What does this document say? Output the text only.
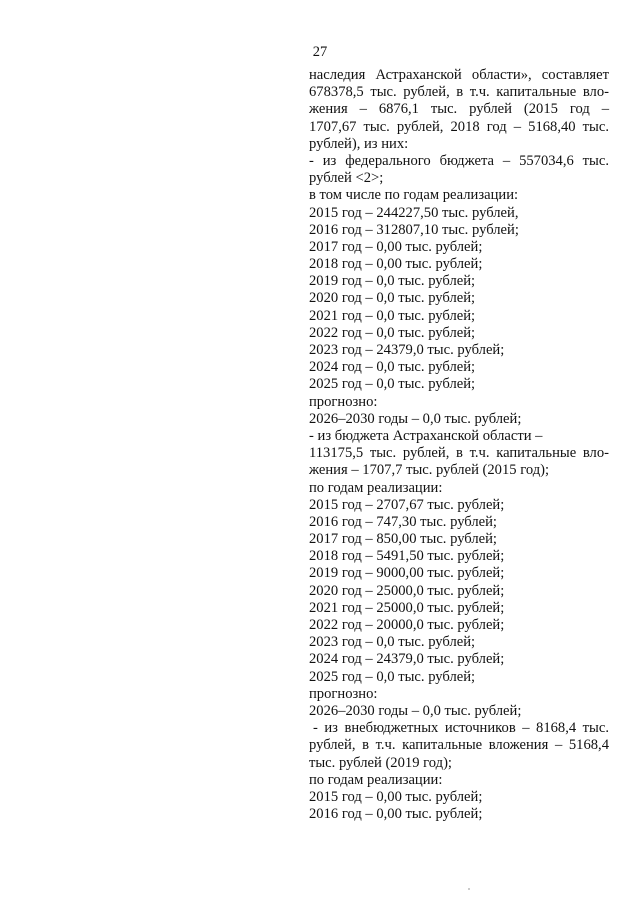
27
наследия Астраханской области», составляет
678378,5 тыс. рублей, в т.ч. капитальные вло-
жения – 6876,1 тыс. рублей (2015 год –
1707,67 тыс. рублей, 2018 год – 5168,40 тыс.
рублей), из них:
- из федерального бюджета – 557034,6 тыс.
рублей <2>;
в том числе по годам реализации:
2015 год – 244227,50 тыс. рублей,
2016 год – 312807,10 тыс. рублей;
2017 год – 0,00 тыс. рублей;
2018 год – 0,00 тыс. рублей;
2019 год – 0,0 тыс. рублей;
2020 год – 0,0 тыс. рублей;
2021 год – 0,0 тыс. рублей;
2022 год – 0,0 тыс. рублей;
2023 год – 24379,0 тыс. рублей;
2024 год – 0,0 тыс. рублей;
2025 год – 0,0 тыс. рублей;
прогнозно:
2026–2030 годы – 0,0 тыс. рублей;
- из бюджета Астраханской области –
113175,5 тыс. рублей, в т.ч. капитальные вло-
жения – 1707,7 тыс. рублей (2015 год);
по годам реализации:
2015 год – 2707,67 тыс. рублей;
2016 год – 747,30 тыс. рублей;
2017 год – 850,00 тыс. рублей;
2018 год – 5491,50 тыс. рублей;
2019 год – 9000,00 тыс. рублей;
2020 год – 25000,0 тыс. рублей;
2021 год – 25000,0 тыс. рублей;
2022 год – 20000,0 тыс. рублей;
2023 год – 0,0 тыс. рублей;
2024 год – 24379,0 тыс. рублей;
2025 год – 0,0 тыс. рублей;
прогнозно:
2026–2030 годы – 0,0 тыс. рублей;
- из внебюджетных источников – 8168,4 тыс.
рублей, в т.ч. капитальные вложения – 5168,4
тыс. рублей (2019 год);
по годам реализации:
2015 год – 0,00 тыс. рублей;
2016 год – 0,00 тыс. рублей;
